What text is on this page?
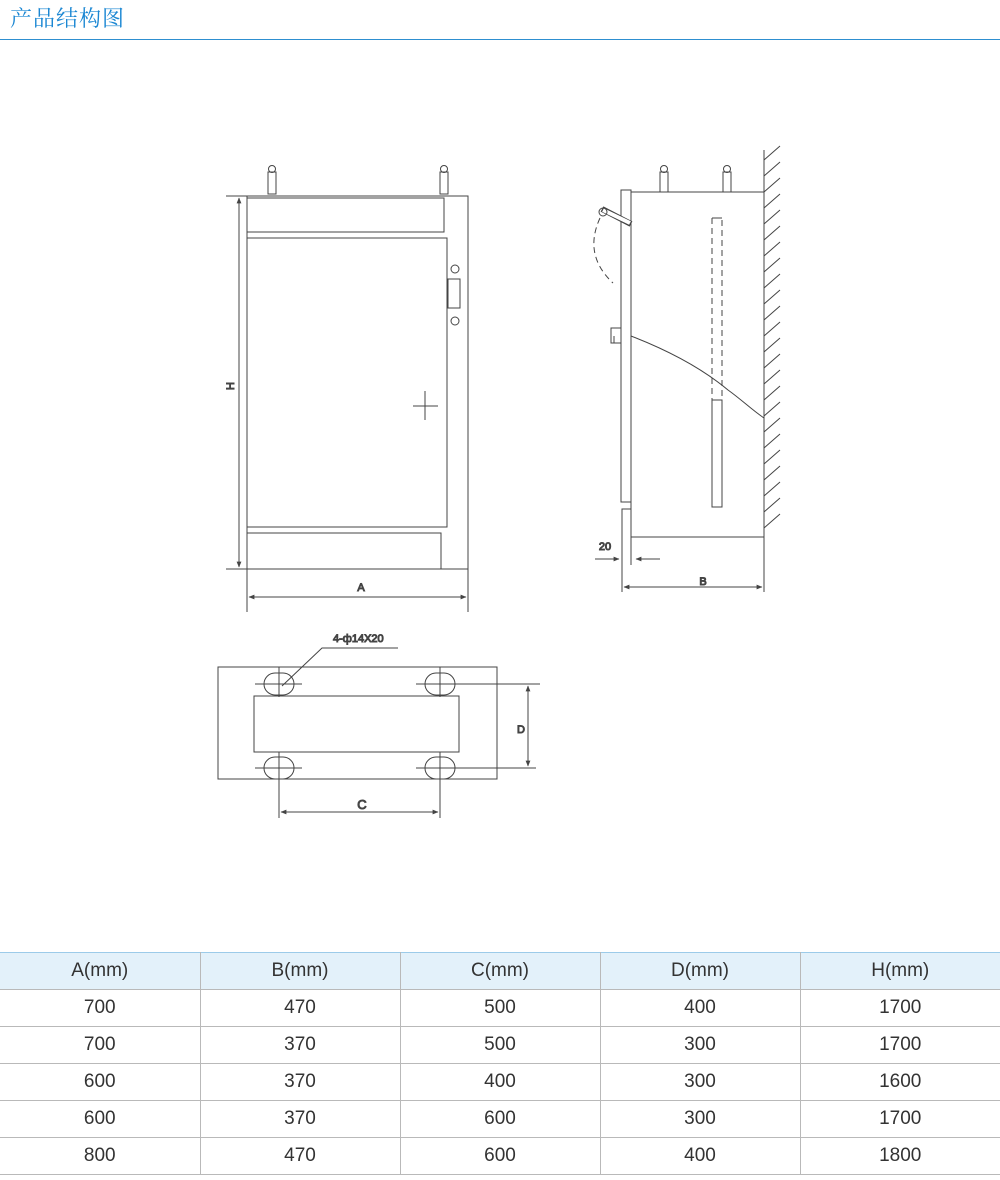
产品结构图
H
A	B
20
4-ф14X20
D
C
A(mm)	B(mm)	C(mm)	D(mm)	H(mm)
700	470	500	400	1700
700	370	500	300	1700
600	370	400	300	1600
600	370	600	300	1700
800	470	600	400	1800
